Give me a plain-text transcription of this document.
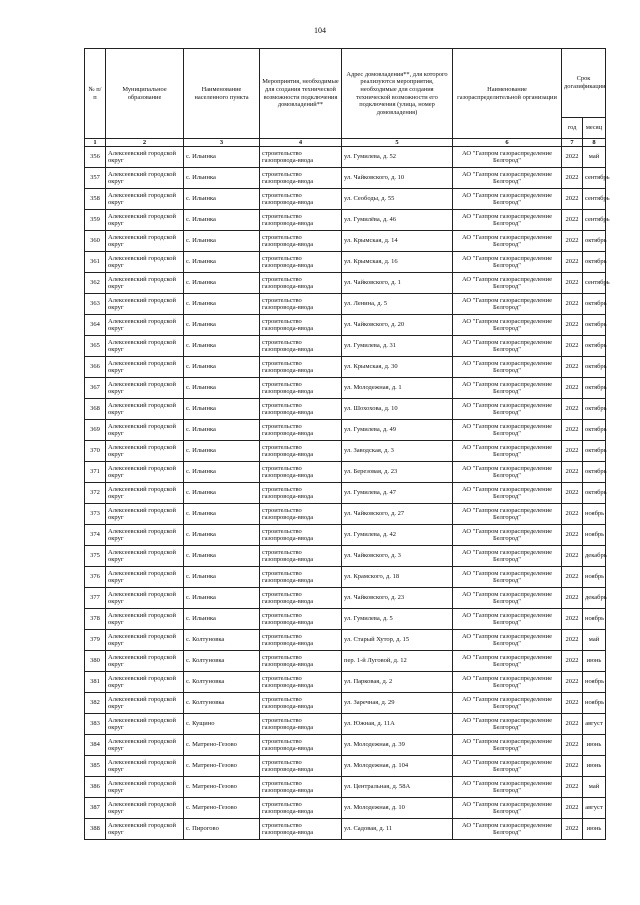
104
№ п/п	Муниципальное образование	Наименование населенного пункта	Мероприятия, необходимые для создания технической возможности подключения домовладений**	Адрес домовладения**, для которого реализуются мероприятия, необходимые для создания технической возможности его подключения (улица, номер домовладения)	Наименование газораспределительной организации	Срок догазификации	
						год	месяц
1	2	3	4	5	6	7	8
356	Алексеевский городской округ	с. Ильинка	строительство газопровода-ввода	ул. Гумилева, д. 52	АО "Газпром газораспределение Белгород"	2022	май
357	Алексеевский городской округ	с. Ильинка	строительство газопровода-ввода	ул. Чайковского, д. 10	АО "Газпром газораспределение Белгород"	2022	сентябрь
358	Алексеевский городской округ	с. Ильинка	строительство газопровода-ввода	ул. Сеободы, д. 55	АО "Газпром газораспределение Белгород"	2022	сентябрь
359	Алексеевский городской округ	с. Ильинка	строительство газопровода-ввода	ул. Гумилёва, д. 46	АО "Газпром газораспределение Белгород"	2022	сентябрь
360	Алексеевский городской округ	с. Ильинка	строительство газопровода-ввода	ул. Крымская, д. 14	АО "Газпром газораспределение Белгород"	2022	октябрь
361	Алексеевский городской округ	с. Ильинка	строительство газопровода-ввода	ул. Крымская, д. 16	АО "Газпром газораспределение Белгород"	2022	октябрь
362	Алексеевский городской округ	с. Ильинка	строительство газопровода-ввода	ул. Чайковского, д. 1	АО "Газпром газораспределение Белгород"	2022	сентябрь
363	Алексеевский городской округ	с. Ильинка	строительство газопровода-ввода	ул. Ленина, д. 5	АО "Газпром газораспределение Белгород"	2022	октябрь
364	Алексеевский городской округ	с. Ильинка	строительство газопровода-ввода	ул. Чайковского, д. 20	АО "Газпром газораспределение Белгород"	2022	октябрь
365	Алексеевский городской округ	с. Ильинка	строительство газопровода-ввода	ул. Гумилева, д. 31	АО "Газпром газораспределение Белгород"	2022	октябрь
366	Алексеевский городской округ	с. Ильинка	строительство газопровода-ввода	ул. Крымская, д. 30	АО "Газпром газораспределение Белгород"	2022	октябрь
367	Алексеевский городской округ	с. Ильинка	строительство газопровода-ввода	ул. Молодежная, д. 1	АО "Газпром газораспределение Белгород"	2022	октябрь
368	Алексеевский городской округ	с. Ильинка	строительство газопровода-ввода	ул. Шохохова, д. 10	АО "Газпром газораспределение Белгород"	2022	октябрь
369	Алексеевский городской округ	с. Ильинка	строительство газопровода-ввода	ул. Гумилева, д. 49	АО "Газпром газораспределение Белгород"	2022	октябрь
370	Алексеевский городской округ	с. Ильинка	строительство газопровода-ввода	ул. Заводская, д. 3	АО "Газпром газораспределение Белгород"	2022	октябрь
371	Алексеевский городской округ	с. Ильинка	строительство газопровода-ввода	ул. Березовая, д. 23	АО "Газпром газораспределение Белгород"	2022	октябрь
372	Алексеевский городской округ	с. Ильинка	строительство газопровода-ввода	ул. Гумилева, д. 47	АО "Газпром газораспределение Белгород"	2022	октябрь
373	Алексеевский городской округ	с. Ильинка	строительство газопровода-ввода	ул. Чайковского, д. 27	АО "Газпром газораспределение Белгород"	2022	ноябрь
374	Алексеевский городской округ	с. Ильинка	строительство газопровода-ввода	ул. Гумилева, д. 42	АО "Газпром газораспределение Белгород"	2022	ноябрь
375	Алексеевский городской округ	с. Ильинка	строительство газопровода-ввода	ул. Чайковского, д. 3	АО "Газпром газораспределение Белгород"	2022	декабрь
376	Алексеевский городской округ	с. Ильинка	строительство газопровода-ввода	ул. Крамского, д. 18	АО "Газпром газораспределение Белгород"	2022	ноябрь
377	Алексеевский городской округ	с. Ильинка	строительство газопровода-ввода	ул. Чайковского, д. 23	АО "Газпром газораспределение Белгород"	2022	декабрь
378	Алексеевский городской округ	с. Ильинка	строительство газопровода-ввода	ул. Гумилева, д. 5	АО "Газпром газораспределение Белгород"	2022	ноябрь
379	Алексеевский городской округ	с. Колтуновка	строительство газопровода-ввода	ул. Старый Хутор, д. 15	АО "Газпром газораспределение Белгород"	2022	май
380	Алексеевский городской округ	с. Колтуновка	строительство газопровода-ввода	пер. 1-й Луговой, д. 12	АО "Газпром газораспределение Белгород"	2022	июнь
381	Алексеевский городской округ	с. Колтуновка	строительство газопровода-ввода	ул. Парковая, д. 2	АО "Газпром газораспределение Белгород"	2022	ноябрь
382	Алексеевский городской округ	с. Колтуновка	строительство газопровода-ввода	ул. Заречная, д. 29	АО "Газпром газораспределение Белгород"	2022	ноябрь
383	Алексеевский городской округ	с. Кущино	строительство газопровода-ввода	ул. Южная, д. 11А	АО "Газпром газораспределение Белгород"	2022	август
384	Алексеевский городской округ	с. Матрено-Гезово	строительство газопровода-ввода	ул. Молодежная, д. 39	АО "Газпром газораспределение Белгород"	2022	июнь
385	Алексеевский городской округ	с. Матрено-Гезово	строительство газопровода-ввода	ул. Молодежная, д. 104	АО "Газпром газораспределение Белгород"	2022	июнь
386	Алексеевский городской округ	с. Матрено-Гезово	строительство газопровода-ввода	ул. Центральная, д. 58А	АО "Газпром газораспределение Белгород"	2022	май
387	Алексеевский городской округ	с. Матрено-Гезово	строительство газопровода-ввода	ул. Молодежная, д. 10	АО "Газпром газораспределение Белгород"	2022	август
388	Алексеевский городской округ	с. Пирогово	строительство газопровода-ввода	ул. Садовая, д. 11	АО "Газпром газораспределение Белгород"	2022	июнь
